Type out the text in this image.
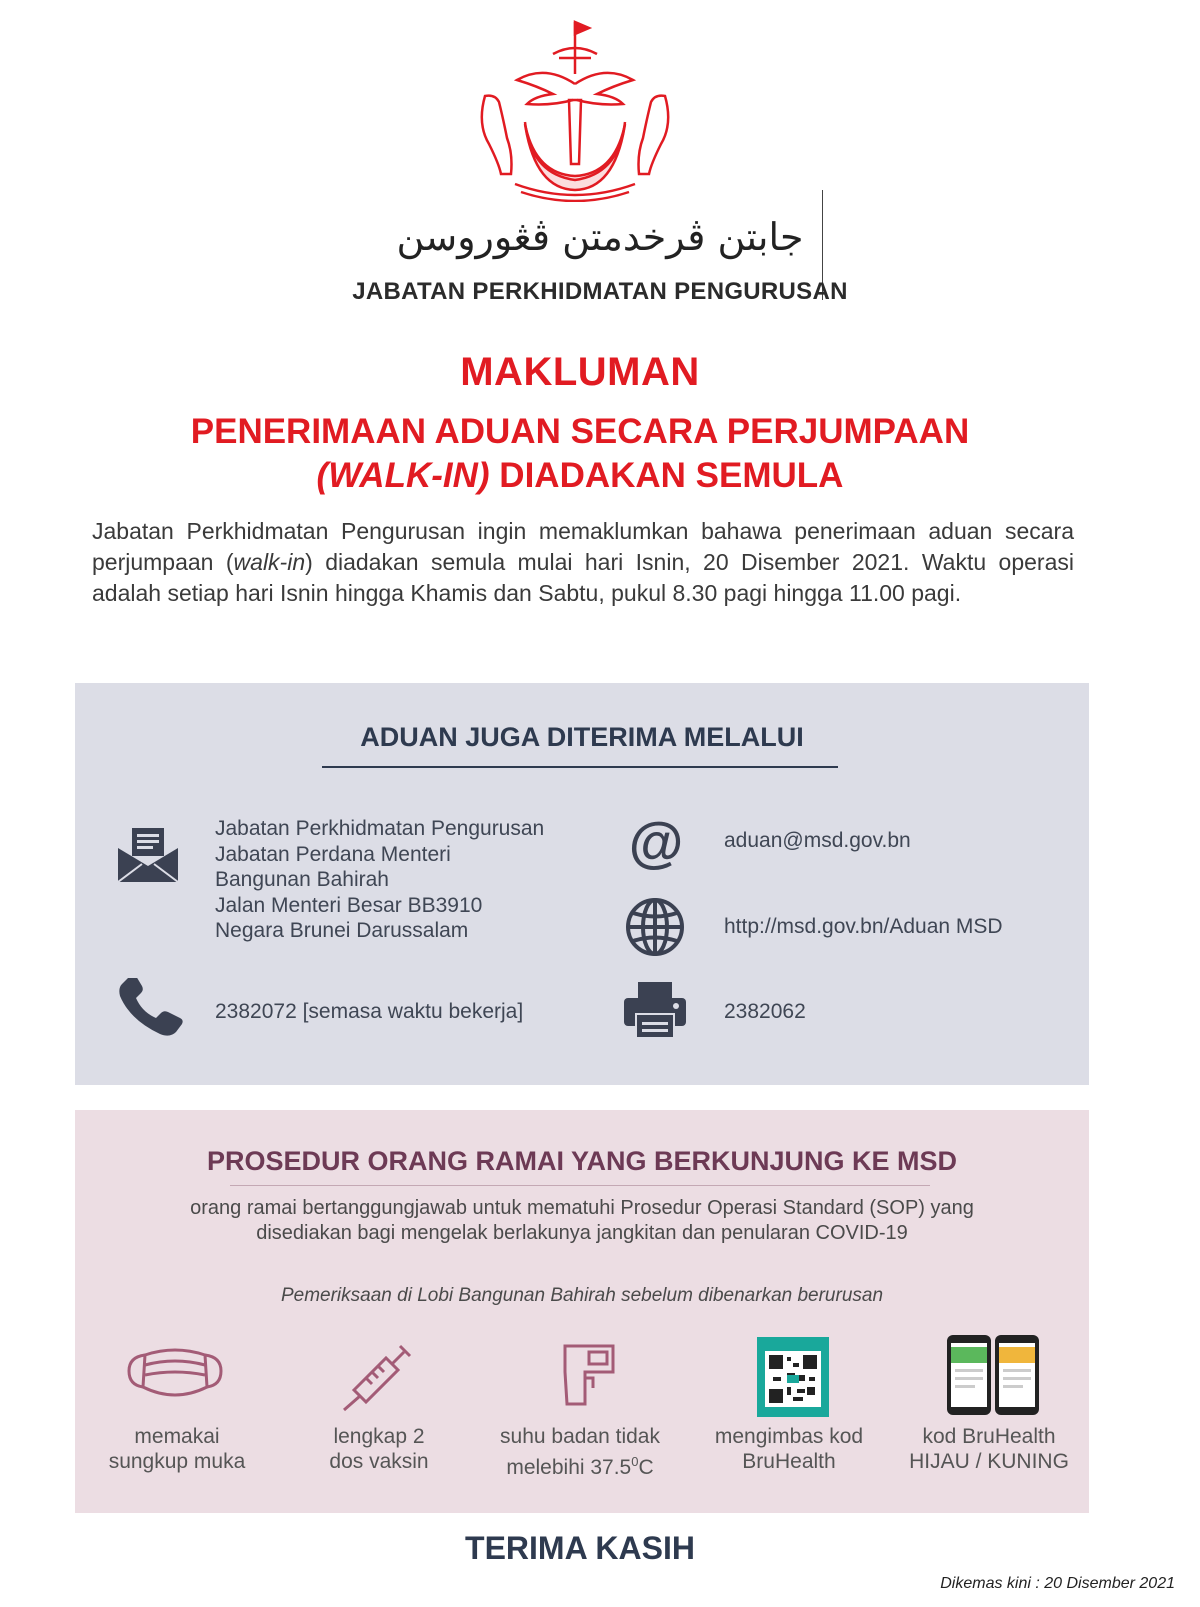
جابتن ڤرخدمتن ڤڠوروسن
JABATAN PERKHIDMATAN PENGURUSAN
MAKLUMAN
PENERIMAAN ADUAN SECARA PERJUMPAAN
(WALK-IN) DIADAKAN SEMULA
Jabatan Perkhidmatan Pengurusan ingin memaklumkan bahawa penerimaan aduan secara perjumpaan (walk-in) diadakan semula mulai hari Isnin, 20 Disember 2021. Waktu operasi adalah setiap hari Isnin hingga Khamis dan Sabtu, pukul 8.30 pagi hingga 11.00 pagi.
ADUAN JUGA DITERIMA MELALUI
Jabatan Perkhidmatan Pengurusan
Jabatan Perdana Menteri
Bangunan Bahirah
Jalan Menteri Besar BB3910
Negara Brunei Darussalam
@ aduan@msd.gov.bn
http://msd.gov.bn/Aduan MSD
2382072 [semasa waktu bekerja]	2382062
PROSEDUR ORANG RAMAI YANG BERKUNJUNG KE MSD
orang ramai bertanggungjawab untuk mematuhi Prosedur Operasi Standard (SOP) yang
disediakan bagi mengelak berlakunya jangkitan dan penularan COVID-19
Pemeriksaan di Lobi Bangunan Bahirah sebelum dibenarkan berurusan
memakai
sungkup muka
lengkap 2
dos vaksin
suhu badan tidak
melebihi 37.5$^0$C
mengimbas kod
BruHealth
kod BruHealth
HIJAU / KUNING
TERIMA KASIH
Dikemas kini : 20 Disember 2021
